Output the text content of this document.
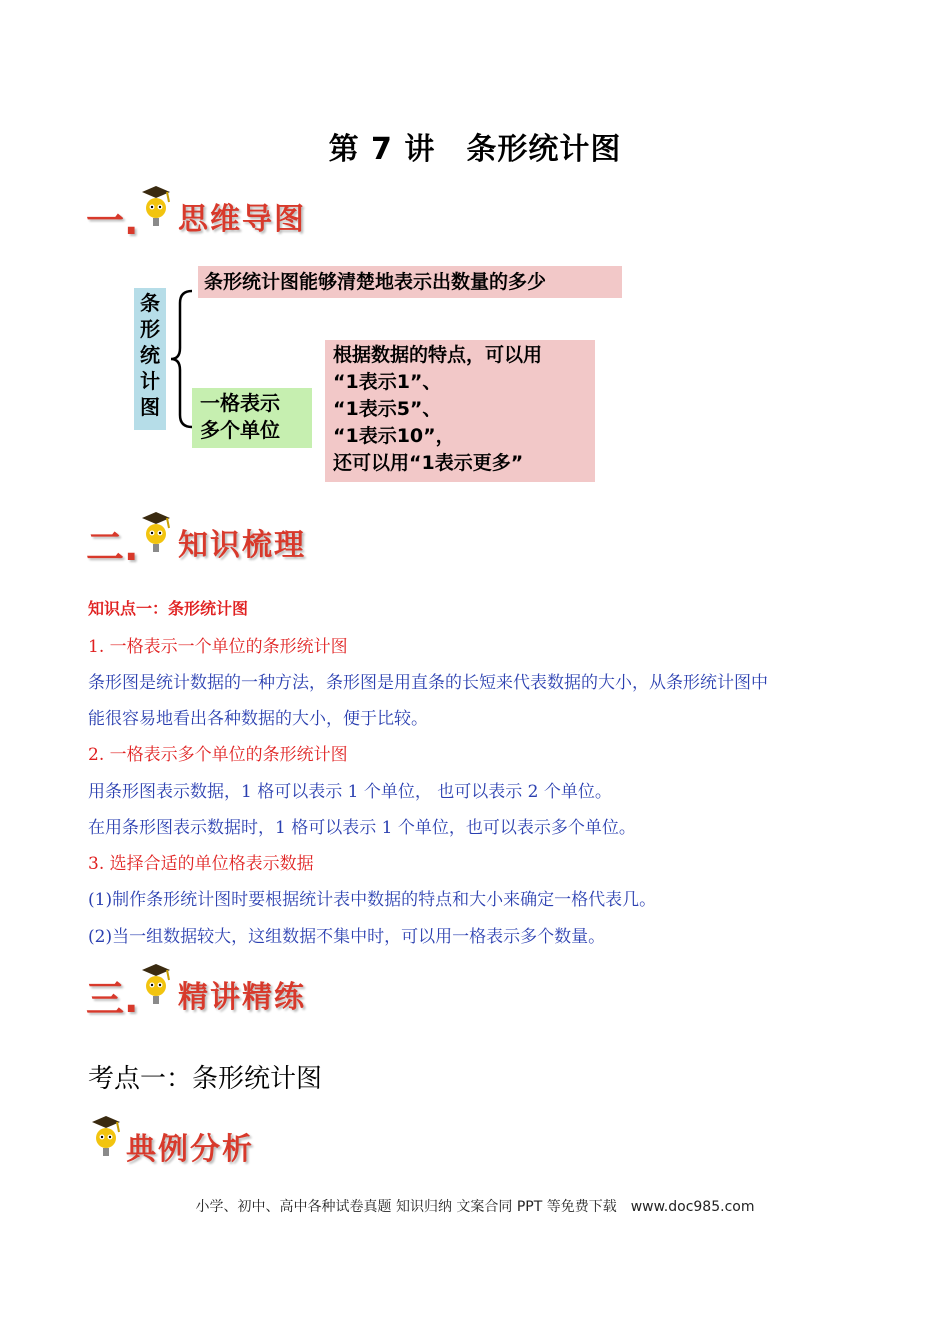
第 7 讲　条形统计图
一. 思维导图
条
形
统
计
图
条形统计图能够清楚地表示出数量的多少
一格表示
多个单位
根据数据的特点，可以用
“1表示1”、
“1表示5”、
“1表示10”，
还可以用“1表示更多”
二. 知识梳理
知识点一：条形统计图
1. 一格表示一个单位的条形统计图
条形图是统计数据的一种方法，条形图是用直条的长短来代表数据的大小，从条形统计图中
能很容易地看出各种数据的大小，便于比较。
2. 一格表示多个单位的条形统计图
用条形图表示数据，1 格可以表示 1 个单位， 也可以表示 2 个单位。
在用条形图表示数据时，1 格可以表示 1 个单位，也可以表示多个单位。
3. 选择合适的单位格表示数据
(1)制作条形统计图时要根据统计表中数据的特点和大小来确定一格代表几。
(2)当一组数据较大，这组数据不集中时，可以用一格表示多个数量。
三. 精讲精练
考点一：条形统计图
典例分析
小学、初中、高中各种试卷真题 知识归纳 文案合同 PPT 等免费下载　www.doc985.com
